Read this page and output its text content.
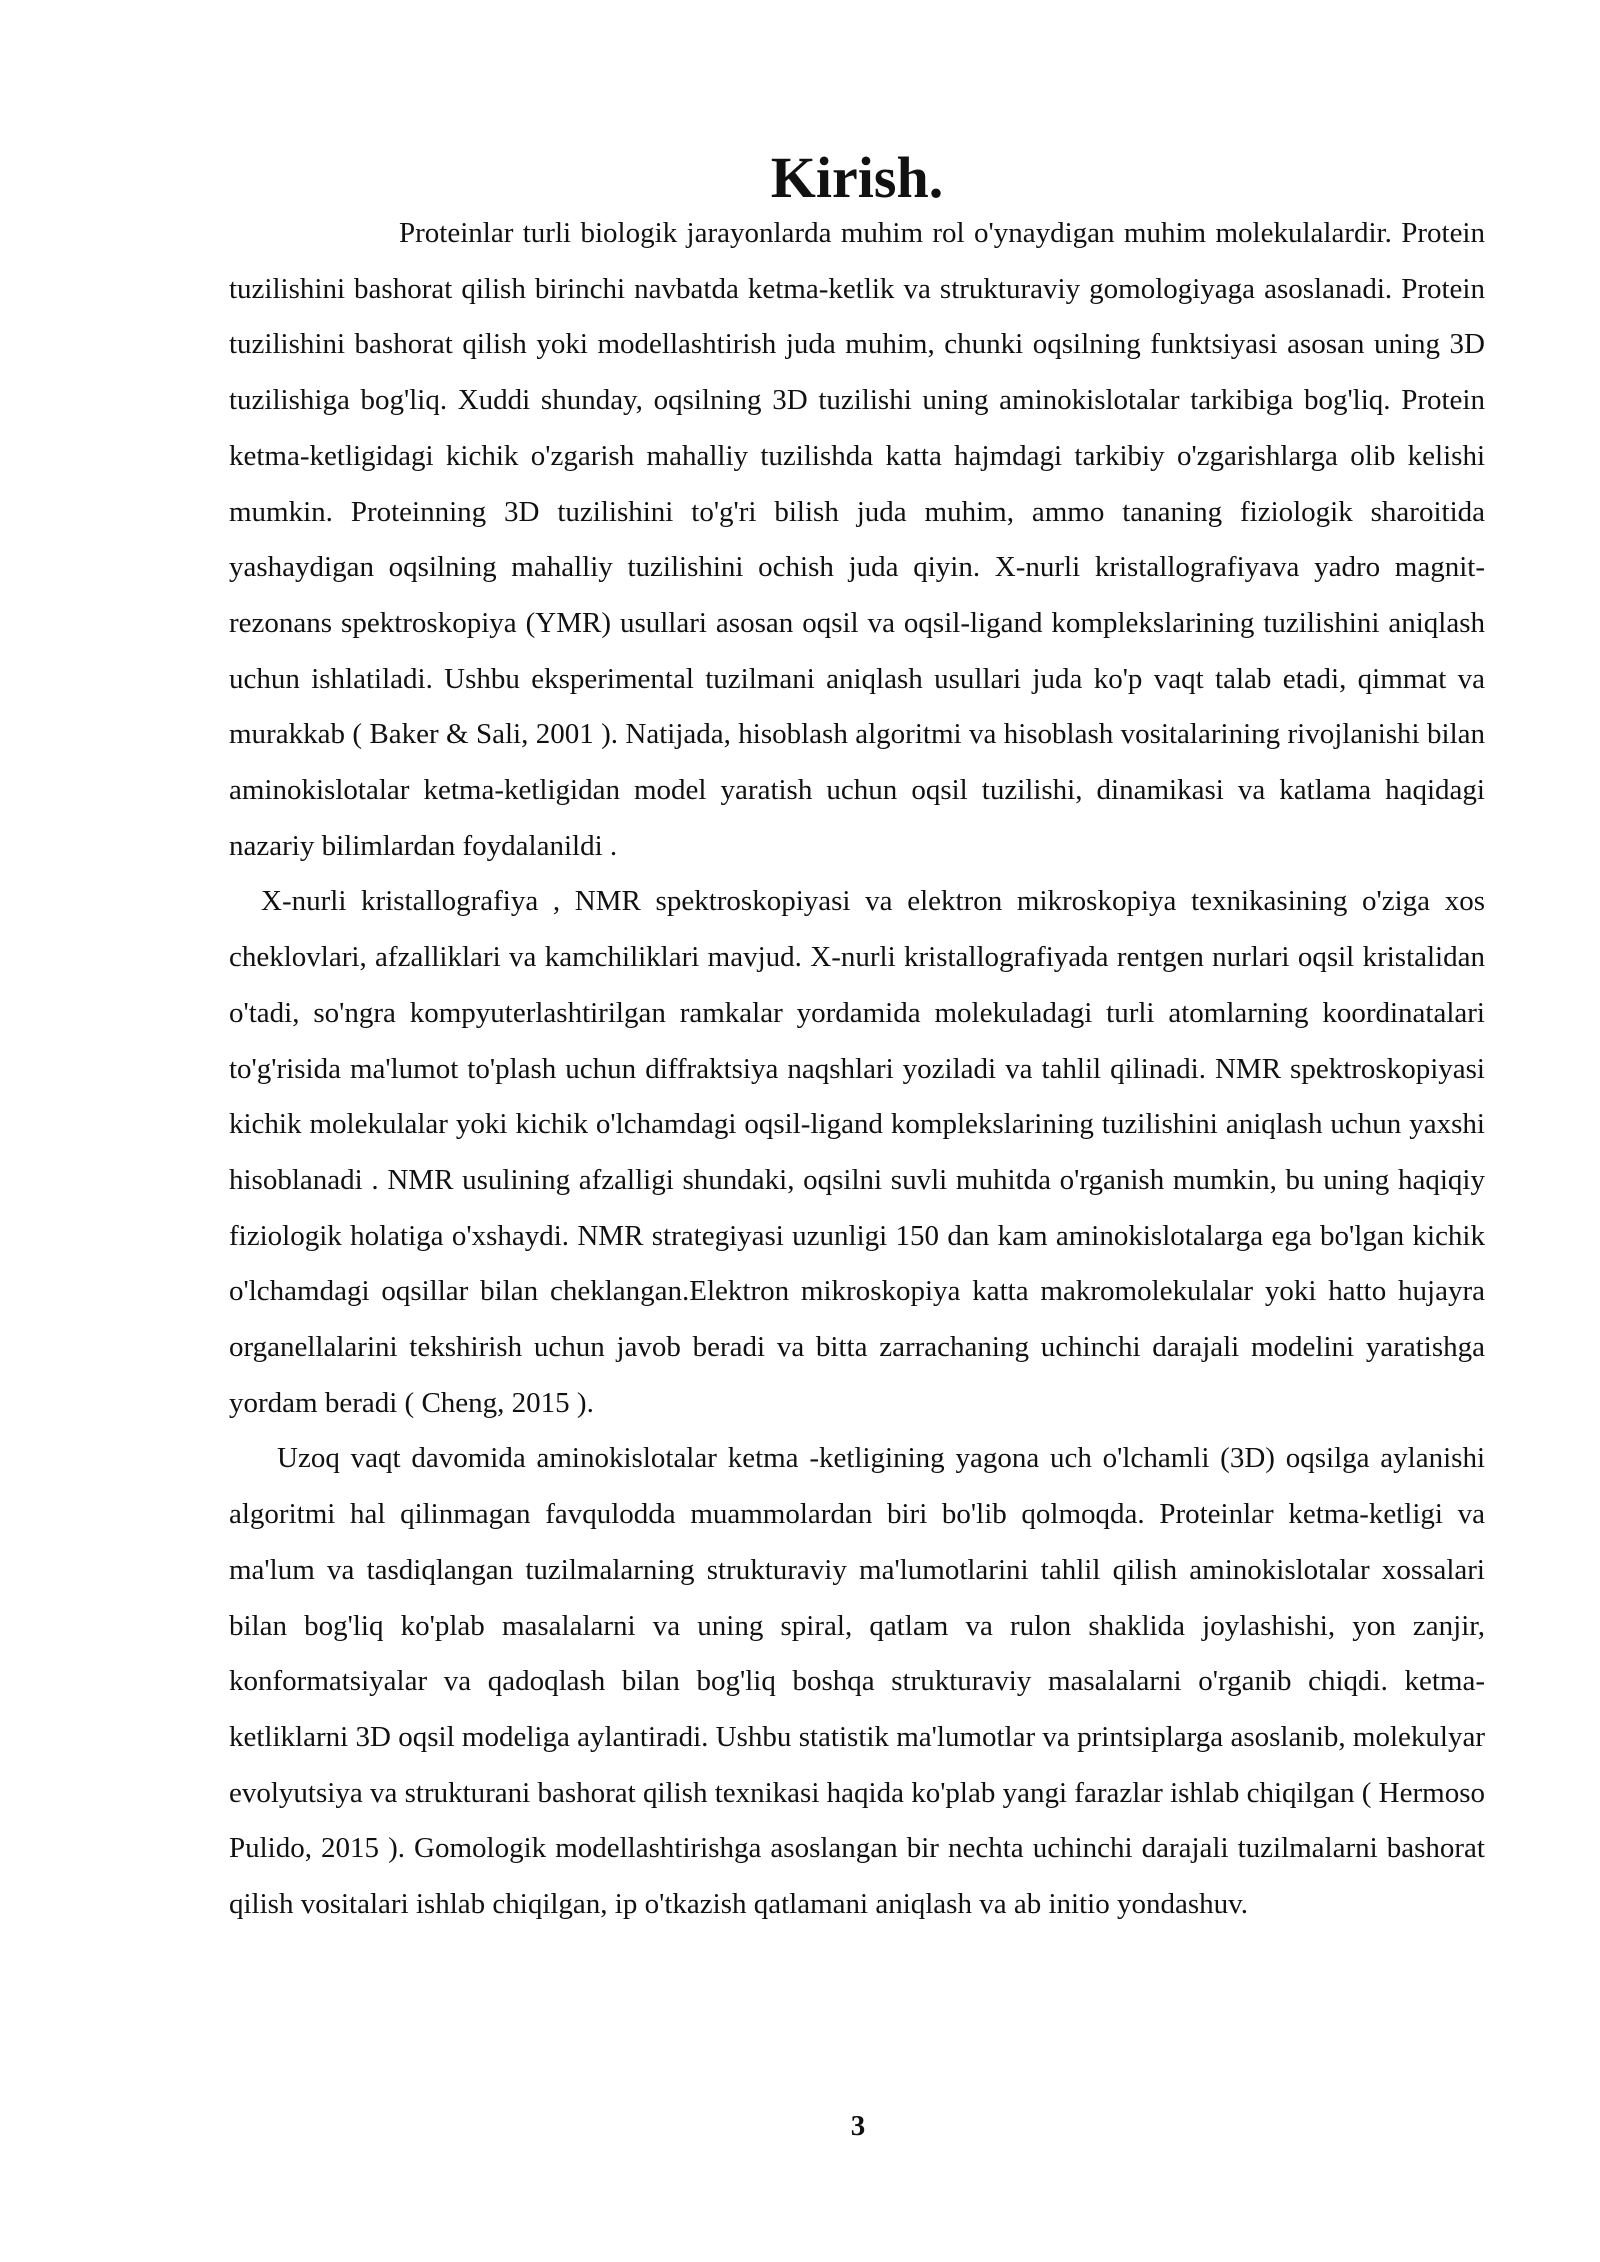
Kirish.

Proteinlar turli biologik jarayonlarda muhim rol o'ynaydigan muhim molekulalardir. Protein tuzilishini bashorat qilish birinchi navbatda ketma-ketlik va strukturaviy gomologiyaga asoslanadi. Protein tuzilishini bashorat qilish yoki modellashtirish juda muhim, chunki oqsilning funktsiyasi asosan uning 3D tuzilishiga bog'liq. Xuddi shunday, oqsilning 3D tuzilishi uning aminokislotalar tarkibiga bog'liq. Protein ketma-ketligidagi kichik o'zgarish mahalliy tuzilishda katta hajmdagi tarkibiy o'zgarishlarga olib kelishi mumkin. Proteinning 3D tuzilishini to'g'ri bilish juda muhim, ammo tananing fiziologik sharoitida yashaydigan oqsilning mahalliy tuzilishini ochish juda qiyin. X-nurli kristallografiyava yadro magnit-rezonans spektroskopiya (YMR) usullari asosan oqsil va oqsil-ligand komplekslarining tuzilishini aniqlash uchun ishlatiladi. Ushbu eksperimental tuzilmani aniqlash usullari juda ko'p vaqt talab etadi, qimmat va murakkab ( Baker & Sali, 2001 ). Natijada, hisoblash algoritmi va hisoblash vositalarining rivojlanishi bilan aminokislotalar ketma-ketligidan model yaratish uchun oqsil tuzilishi, dinamikasi va katlama haqidagi nazariy bilimlardan foydalanildi .

X-nurli kristallografiya , NMR spektroskopiyasi va elektron mikroskopiya texnikasining o'ziga xos cheklovlari, afzalliklari va kamchiliklari mavjud. X-nurli kristallografiyada rentgen nurlari oqsil kristalidan o'tadi, so'ngra kompyuterlashtirilgan ramkalar yordamida molekuladagi turli atomlarning koordinatalari to'g'risida ma'lumot to'plash uchun diffraktsiya naqshlari yoziladi va tahlil qilinadi. NMR spektroskopiyasi kichik molekulalar yoki kichik o'lchamdagi oqsil-ligand komplekslarining tuzilishini aniqlash uchun yaxshi hisoblanadi . NMR usulining afzalligi shundaki, oqsilni suvli muhitda o'rganish mumkin, bu uning haqiqiy fiziologik holatiga o'xshaydi. NMR strategiyasi uzunligi 150 dan kam aminokislotalarga ega bo'lgan kichik o'lchamdagi oqsillar bilan cheklangan.Elektron mikroskopiya katta makromolekulalar yoki hatto hujayra organellalarini tekshirish uchun javob beradi va bitta zarrachaning uchinchi darajali modelini yaratishga yordam beradi ( Cheng, 2015 ).

Uzoq vaqt davomida aminokislotalar ketma -ketligining yagona uch o'lchamli (3D) oqsilga aylanishi algoritmi hal qilinmagan favqulodda muammolardan biri bo'lib qolmoqda. Proteinlar ketma-ketligi va ma'lum va tasdiqlangan tuzilmalarning strukturaviy ma'lumotlarini tahlil qilish aminokislotalar xossalari bilan bog'liq ko'plab masalalarni va uning spiral, qatlam va rulon shaklida joylashishi, yon zanjir, konformatsiyalar va qadoqlash bilan bog'liq boshqa strukturaviy masalalarni o'rganib chiqdi. ketma-ketliklarni 3D oqsil modeliga aylantiradi. Ushbu statistik ma'lumotlar va printsiplarga asoslanib, molekulyar evolyutsiya va strukturani bashorat qilish texnikasi haqida ko'plab yangi farazlar ishlab chiqilgan ( Hermoso Pulido, 2015 ). Gomologik modellashtirishga asoslangan bir nechta uchinchi darajali tuzilmalarni bashorat qilish vositalari ishlab chiqilgan, ip o'tkazish qatlamani aniqlash va ab initio yondashuv.

3
